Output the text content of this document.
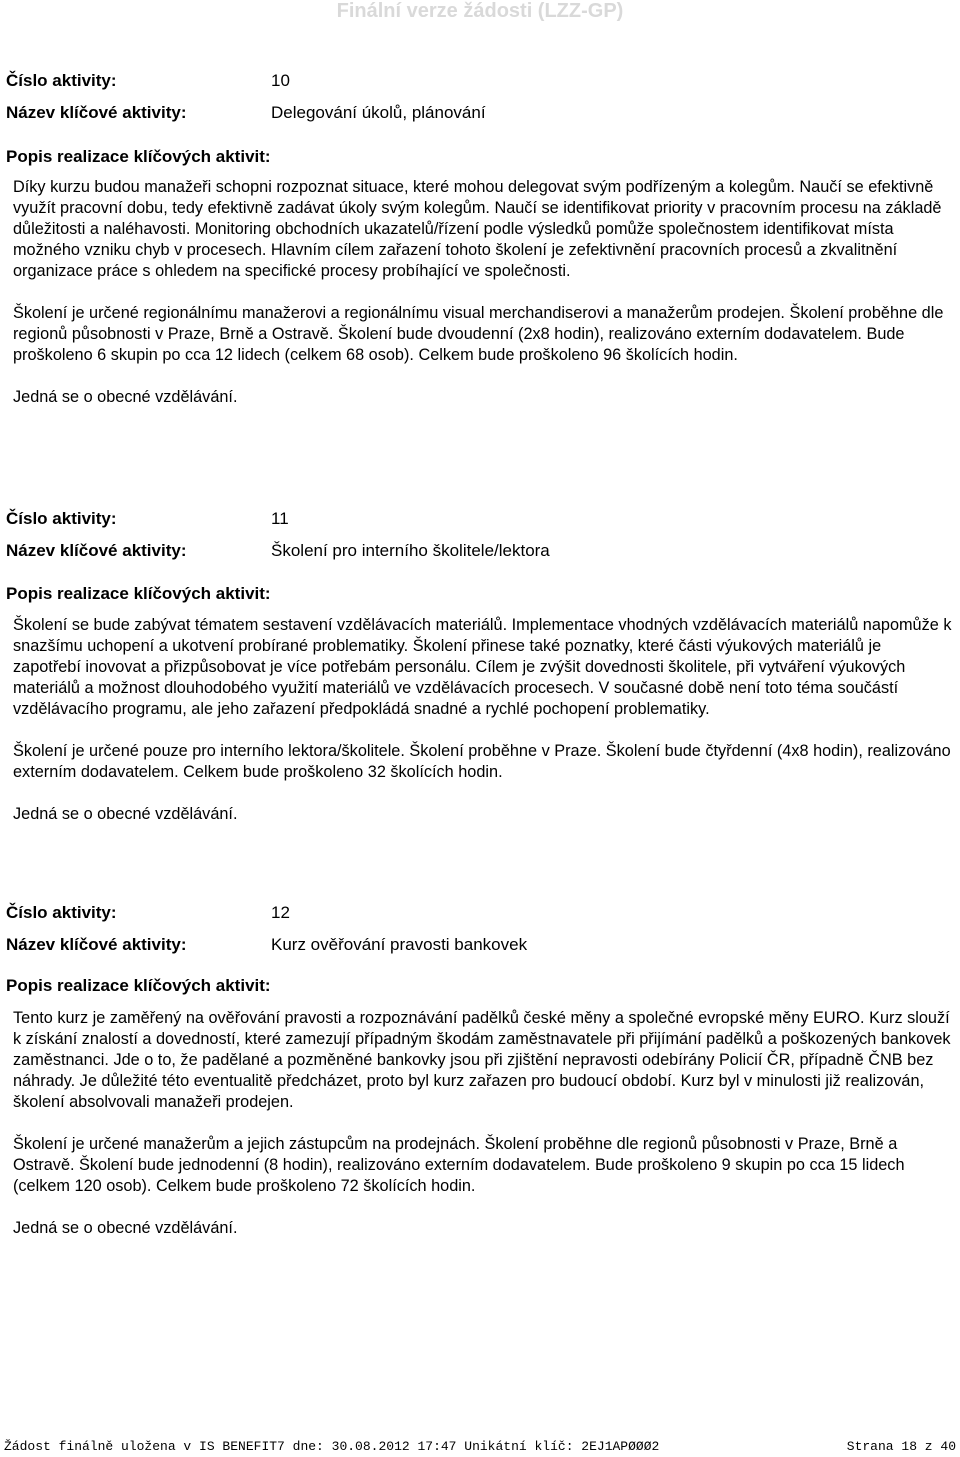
Finální verze žádosti (LZZ-GP)
Číslo aktivity:	10
Název klíčové aktivity:	Delegování úkolů, plánování
Popis realizace klíčových aktivit:

Díky kurzu budou manažeři schopni rozpoznat situace, které mohou delegovat svým podřízeným a kolegům. Naučí se efektivně využít pracovní dobu, tedy efektivně zadávat úkoly svým kolegům. Naučí se identifikovat priority v pracovním procesu na základě důležitosti a naléhavosti. Monitoring obchodních ukazatelů/řízení podle výsledků pomůže společnostem identifikovat místa možného vzniku chyb v procesech. Hlavním cílem zařazení tohoto školení je zefektivnění pracovních procesů a zkvalitnění organizace práce s ohledem na specifické procesy probíhající ve společnosti.

Školení je určené regionálnímu manažerovi a regionálnímu visual merchandiserovi a manažerům prodejen. Školení proběhne dle regionů působnosti v Praze, Brně a Ostravě. Školení bude dvoudenní (2x8 hodin), realizováno externím dodavatelem. Bude proškoleno 6 skupin po cca 12 lidech (celkem 68 osob). Celkem bude proškoleno 96 školících hodin.

Jedná se o obecné vzdělávání.

Číslo aktivity:	11
Název klíčové aktivity:	Školení pro interního školitele/lektora
Popis realizace klíčových aktivit:

Školení se bude zabývat tématem sestavení vzdělávacích materiálů. Implementace vhodných vzdělávacích materiálů napomůže k snazšímu uchopení a ukotvení probírané problematiky. Školení přinese také poznatky, které části výukových materiálů je zapotřebí inovovat a přizpůsobovat je více potřebám personálu. Cílem je zvýšit dovednosti školitele, při vytváření výukových materiálů a možnost dlouhodobého využití materiálů ve vzdělávacích procesech. V současné době není toto téma součástí vzdělávacího programu, ale jeho zařazení předpokládá snadné a rychlé pochopení problematiky.

Školení je určené pouze pro interního lektora/školitele. Školení proběhne v Praze. Školení bude čtyřdenní (4x8 hodin), realizováno externím dodavatelem. Celkem bude proškoleno 32 školících hodin.

Jedná se o obecné vzdělávání.

Číslo aktivity:	12
Název klíčové aktivity:	Kurz ověřování pravosti bankovek
Popis realizace klíčových aktivit:

Tento kurz je zaměřený na ověřování pravosti a rozpoznávání padělků české měny a společné evropské měny EURO. Kurz slouží k získání znalostí a dovedností, které zamezují případným škodám zaměstnavatele při přijímání padělků a poškozených bankovek zaměstnanci. Jde o to, že padělané a pozměněné bankovky jsou při zjištění nepravosti odebírány Policií ČR, případně ČNB bez náhrady. Je důležité této eventualitě předcházet, proto byl kurz zařazen pro budoucí období. Kurz byl v minulosti již realizován, školení absolvovali manažeři prodejen.

Školení je určené manažerům a jejich zástupcům na prodejnách. Školení proběhne dle regionů působnosti v Praze, Brně a Ostravě. Školení bude jednodenní (8 hodin), realizováno externím dodavatelem. Bude proškoleno 9 skupin po cca 15 lidech (celkem 120 osob). Celkem bude proškoleno 72 školících hodin.

Jedná se o obecné vzdělávání.

Žádost finálně uložena v IS BENEFIT7 dne: 30.08.2012 17:47 Unikátní klíč: 2EJ1APØØØ2	Strana 18 z 40
